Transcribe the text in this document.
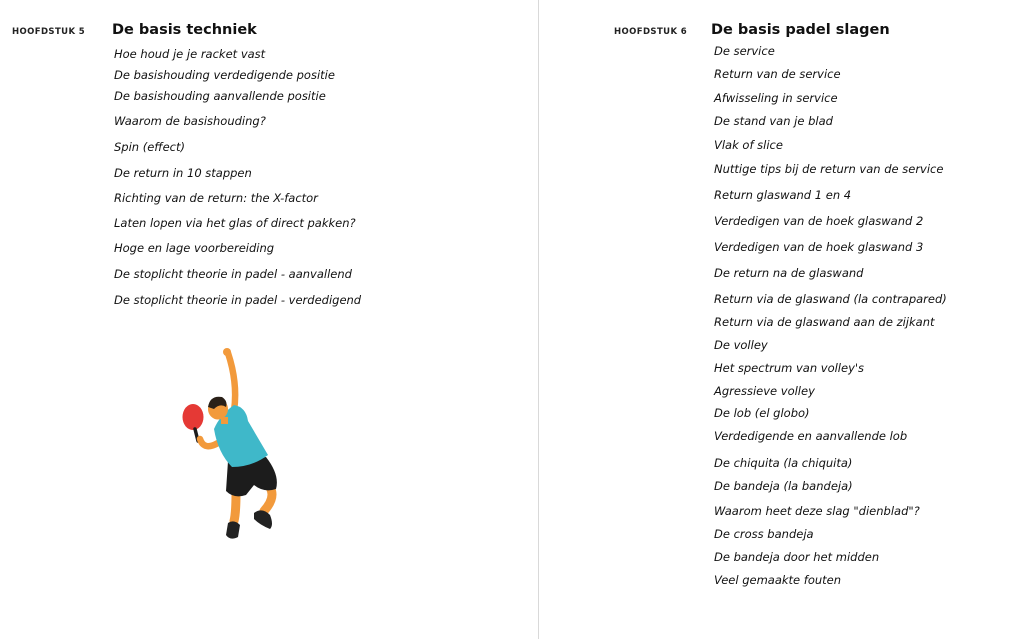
HOOFDSTUK 5 De basis techniek
Hoe houd je je racket vast
De basishouding verdedigende positie
De basishouding aanvallende positie
Waarom de basishouding?
Spin (effect)
De return in 10 stappen
Richting van de return: the X-factor
Laten lopen via het glas of direct pakken?
Hoge en lage voorbereiding
De stoplicht theorie in padel - aanvallend
De stoplicht theorie in padel - verdedigend
HOOFDSTUK 6 De basis padel slagen
De service
Return van de service
Afwisseling in service
De stand van je blad
Vlak of slice
Nuttige tips bij de return van de service
Return glaswand 1 en 4
Verdedigen van de hoek glaswand 2
Verdedigen van de hoek glaswand 3
De return na de glaswand
Return via de glaswand (la contrapared)
Return via de glaswand aan de zijkant
De volley
Het spectrum van volley's
Agressieve volley
De lob (el globo)
Verdedigende en aanvallende lob
De chiquita (la chiquita)
De bandeja (la bandeja)
Waarom heet deze slag "dienblad"?
De cross bandeja
De bandeja door het midden
Veel gemaakte fouten
